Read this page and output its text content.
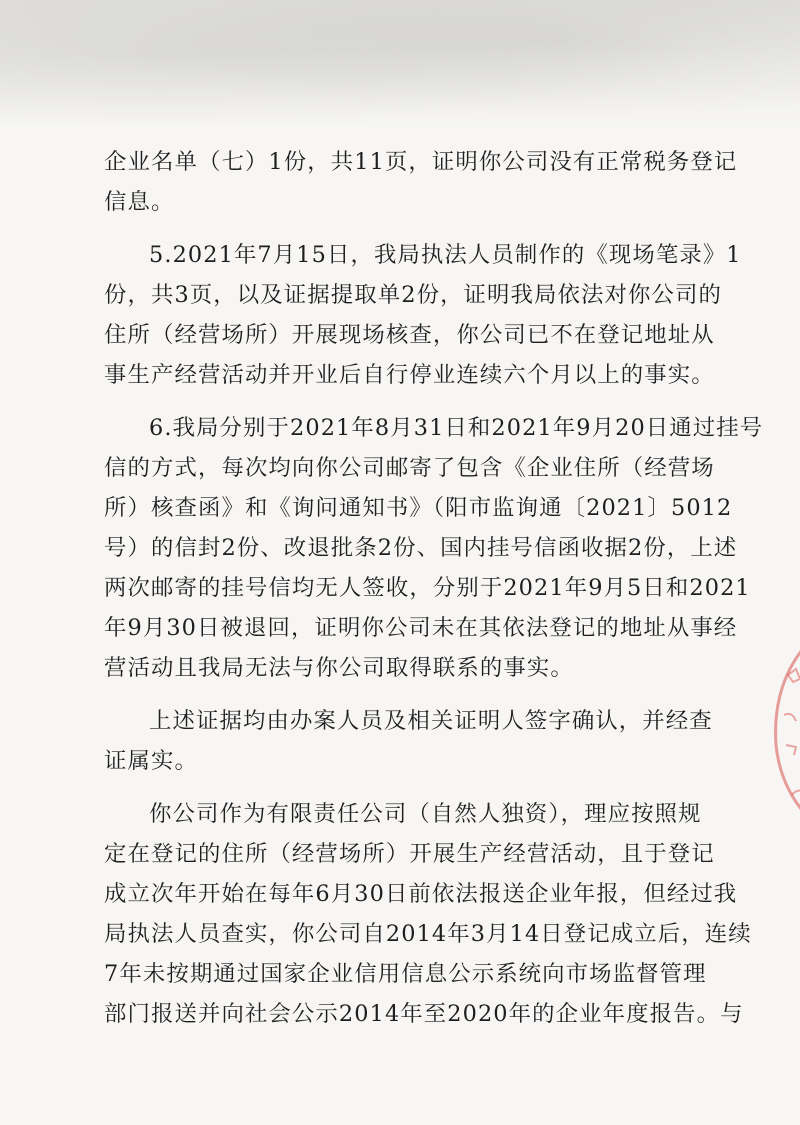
企业名单（七）1份，共11页，证明你公司没有正常税务登记
信息。
5.2021年7月15日，我局执法人员制作的《现场笔录》1
份，共3页，以及证据提取单2份，证明我局依法对你公司的
住所（经营场所）开展现场核查，你公司已不在登记地址从
事生产经营活动并开业后自行停业连续六个月以上的事实。
6.我局分别于2021年8月31日和2021年9月20日通过挂号
信的方式，每次均向你公司邮寄了包含《企业住所（经营场
所）核查函》和《询问通知书》（阳市监询通〔2021〕5012
号）的信封2份、改退批条2份、国内挂号信函收据2份，上述
两次邮寄的挂号信均无人签收，分别于2021年9月5日和2021
年9月30日被退回，证明你公司未在其依法登记的地址从事经
营活动且我局无法与你公司取得联系的事实。
上述证据均由办案人员及相关证明人签字确认，并经查
证属实。
你公司作为有限责任公司（自然人独资），理应按照规
定在登记的住所（经营场所）开展生产经营活动，且于登记
成立次年开始在每年6月30日前依法报送企业年报，但经过我
局执法人员查实，你公司自2014年3月14日登记成立后，连续
7年未按期通过国家企业信用信息公示系统向市场监督管理
部门报送并向社会公示2014年至2020年的企业年度报告。与
